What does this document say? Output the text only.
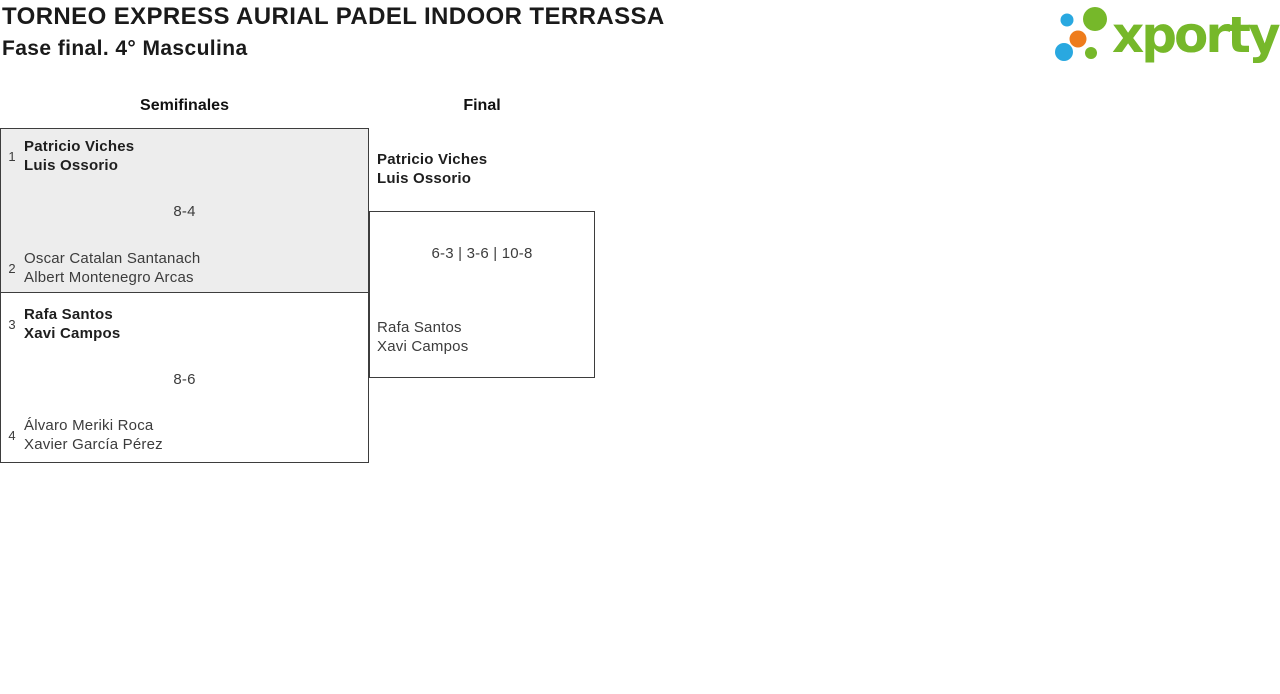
TORNEO EXPRESS AURIAL PADEL INDOOR TERRASSA
Fase final. 4° Masculina	xporty
Semifinales	Final
1
Patricio Viches
Luis Ossorio
8-4
2
Oscar Catalan Santanach
Albert Montenegro Arcas
3
Rafa Santos
Xavi Campos
8-6
4
Álvaro Meriki Roca
Xavier García Pérez
Patricio Viches
Luis Ossorio
6-3 | 3-6 | 10-8
Rafa Santos
Xavi Campos
